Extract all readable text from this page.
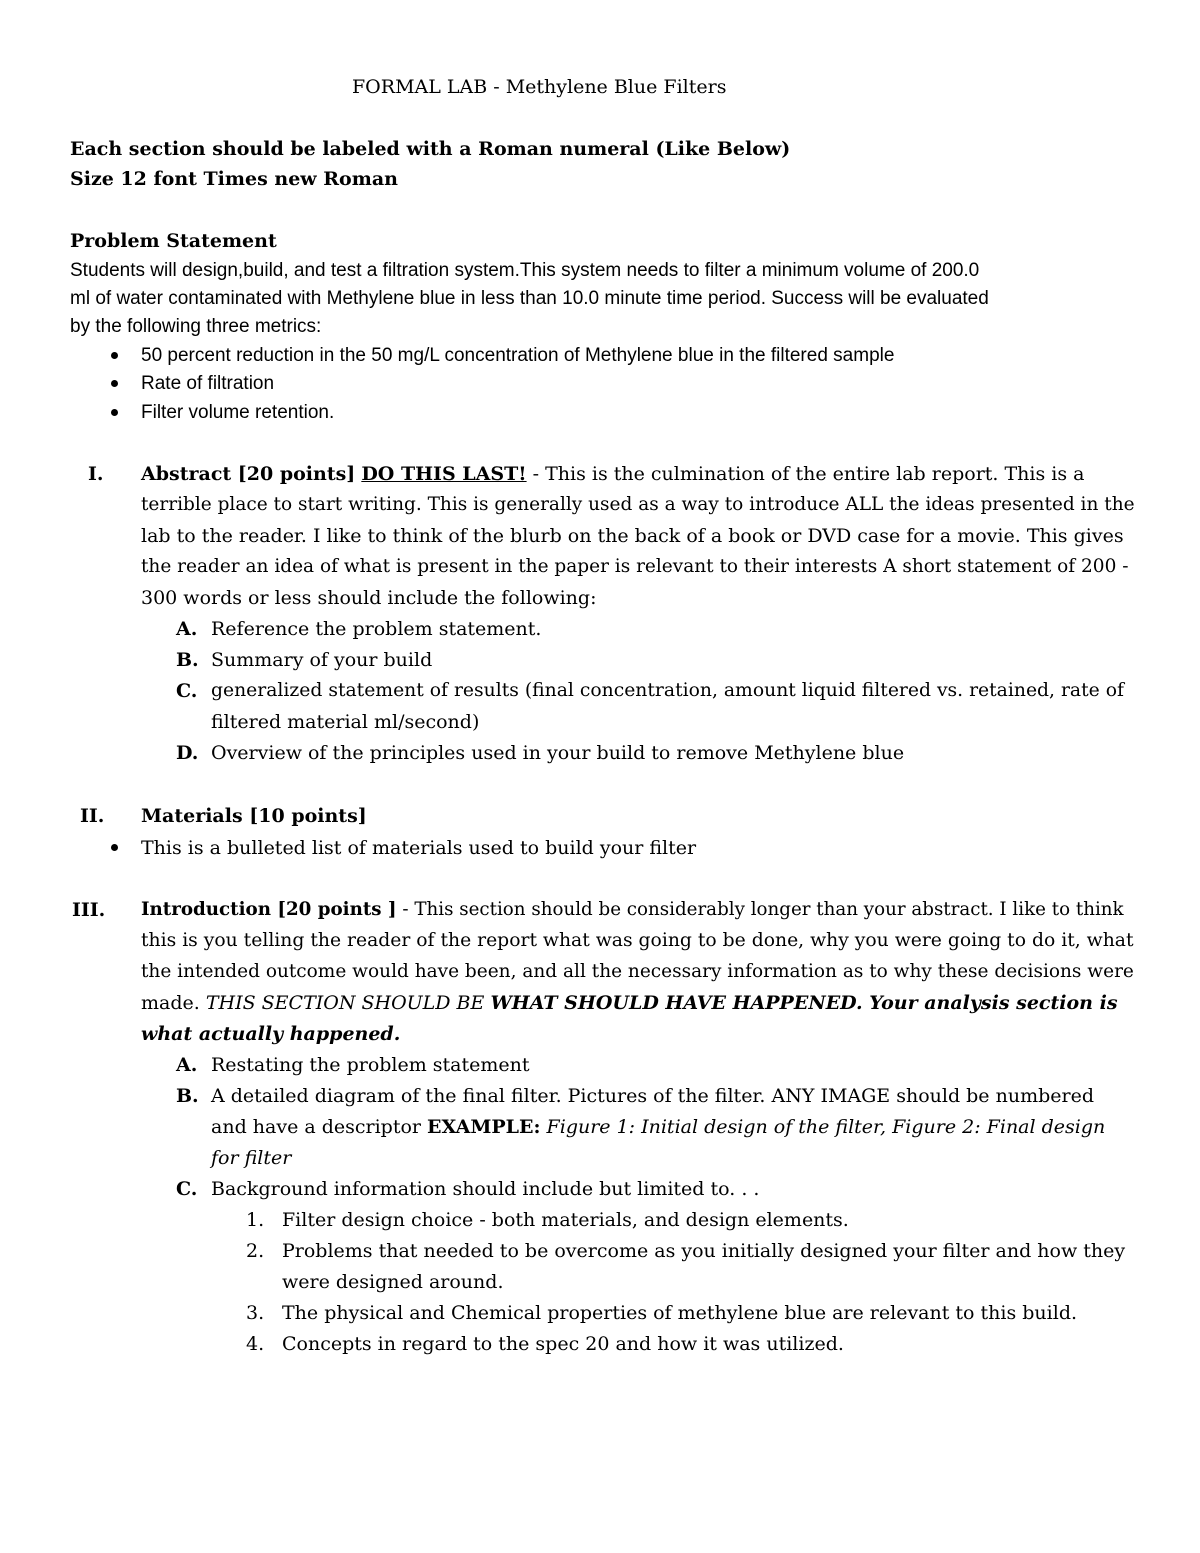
FORMAL LAB - Methylene Blue Filters
Each section should be labeled with a Roman numeral (Like Below)
Size 12 font Times new Roman
Problem Statement
Students will design,build, and test a filtration system.This system needs to filter a minimum volume of 200.0
ml of water contaminated with Methylene blue in less than 10.0 minute time period. Success will be evaluated
by the following three metrics:
50 percent reduction in the 50 mg/L concentration of Methylene blue in the filtered sample
Rate of filtration
Filter volume retention.
I. Abstract [20 points] DO THIS LAST! - This is the culmination of the entire lab report. This is a
terrible place to start writing. This is generally used as a way to introduce ALL the ideas presented in the
lab to the reader. I like to think of the blurb on the back of a book or DVD case for a movie. This gives
the reader an idea of what is present in the paper is relevant to their interests A short statement of 200 -
300 words or less should include the following:
A. Reference the problem statement.
B. Summary of your build
C. generalized statement of results (final concentration, amount liquid filtered vs. retained, rate of
filtered material ml/second)
D. Overview of the principles used in your build to remove Methylene blue
II. Materials [10 points]
This is a bulleted list of materials used to build your filter
III. Introduction [20 points ] - This section should be considerably longer than your abstract. I like to think
this is you telling the reader of the report what was going to be done, why you were going to do it, what
the intended outcome would have been, and all the necessary information as to why these decisions were
made. THIS SECTION SHOULD BE WHAT SHOULD HAVE HAPPENED. Your analysis section is
what actually happened.
A. Restating the problem statement
B. A detailed diagram of the final filter. Pictures of the filter. ANY IMAGE should be numbered
and have a descriptor EXAMPLE: Figure 1: Initial design of the filter, Figure 2: Final design
for filter
C. Background information should include but limited to. . .
1. Filter design choice - both materials, and design elements.
2. Problems that needed to be overcome as you initially designed your filter and how they
were designed around.
3. The physical and Chemical properties of methylene blue are relevant to this build.
4. Concepts in regard to the spec 20 and how it was utilized.
